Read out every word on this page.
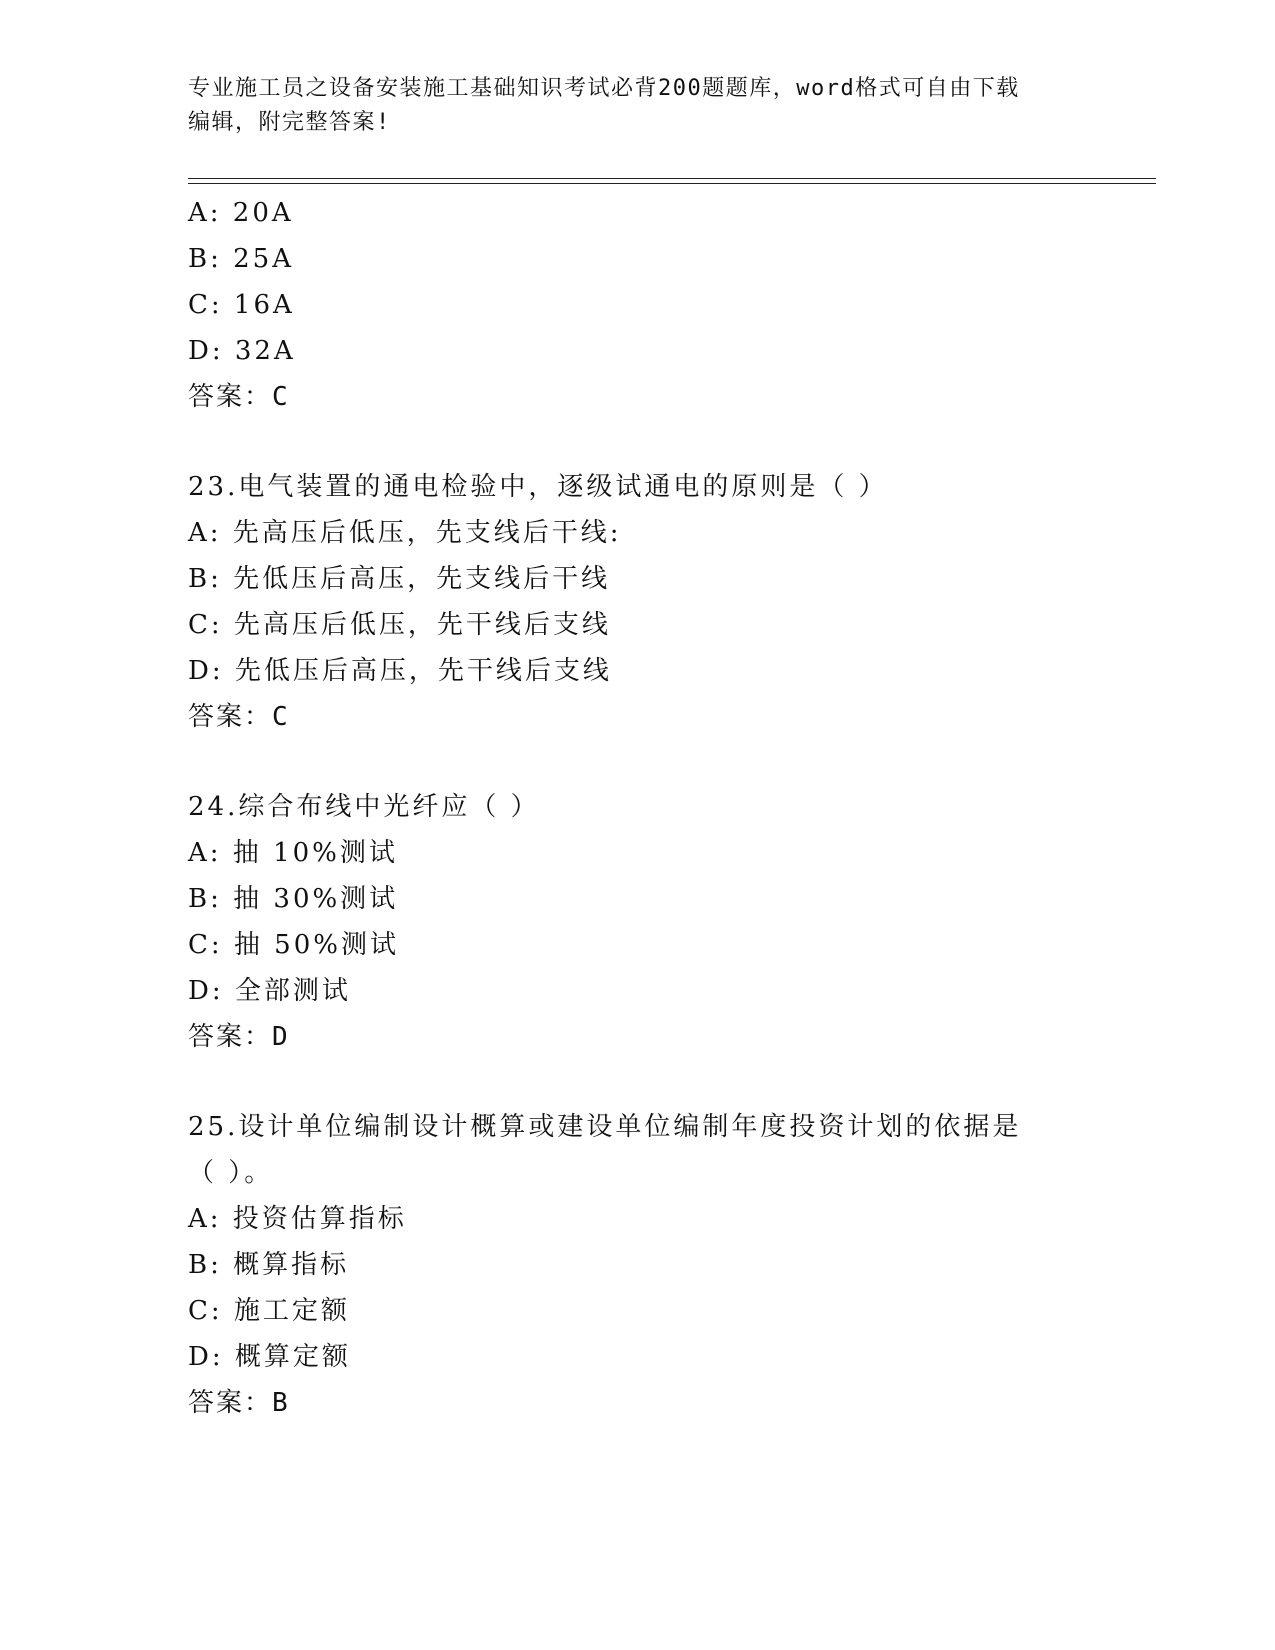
专业施工员之设备安装施工基础知识考试必背200题题库，word格式可自由下载
编辑，附完整答案!
A: 20A
B: 25A
C: 16A
D: 32A
答案：C
23.电气装置的通电检验中，逐级试通电的原则是（ ）
A: 先高压后低压，先支线后干线:
B: 先低压后高压，先支线后干线
C: 先高压后低压，先干线后支线
D: 先低压后高压，先干线后支线
答案：C
24.综合布线中光纤应（ ）
A: 抽 10%测试
B: 抽 30%测试
C: 抽 50%测试
D: 全部测试
答案：D
25.设计单位编制设计概算或建设单位编制年度投资计划的依据是（ ）。
A: 投资估算指标
B: 概算指标
C: 施工定额
D: 概算定额
答案：B
